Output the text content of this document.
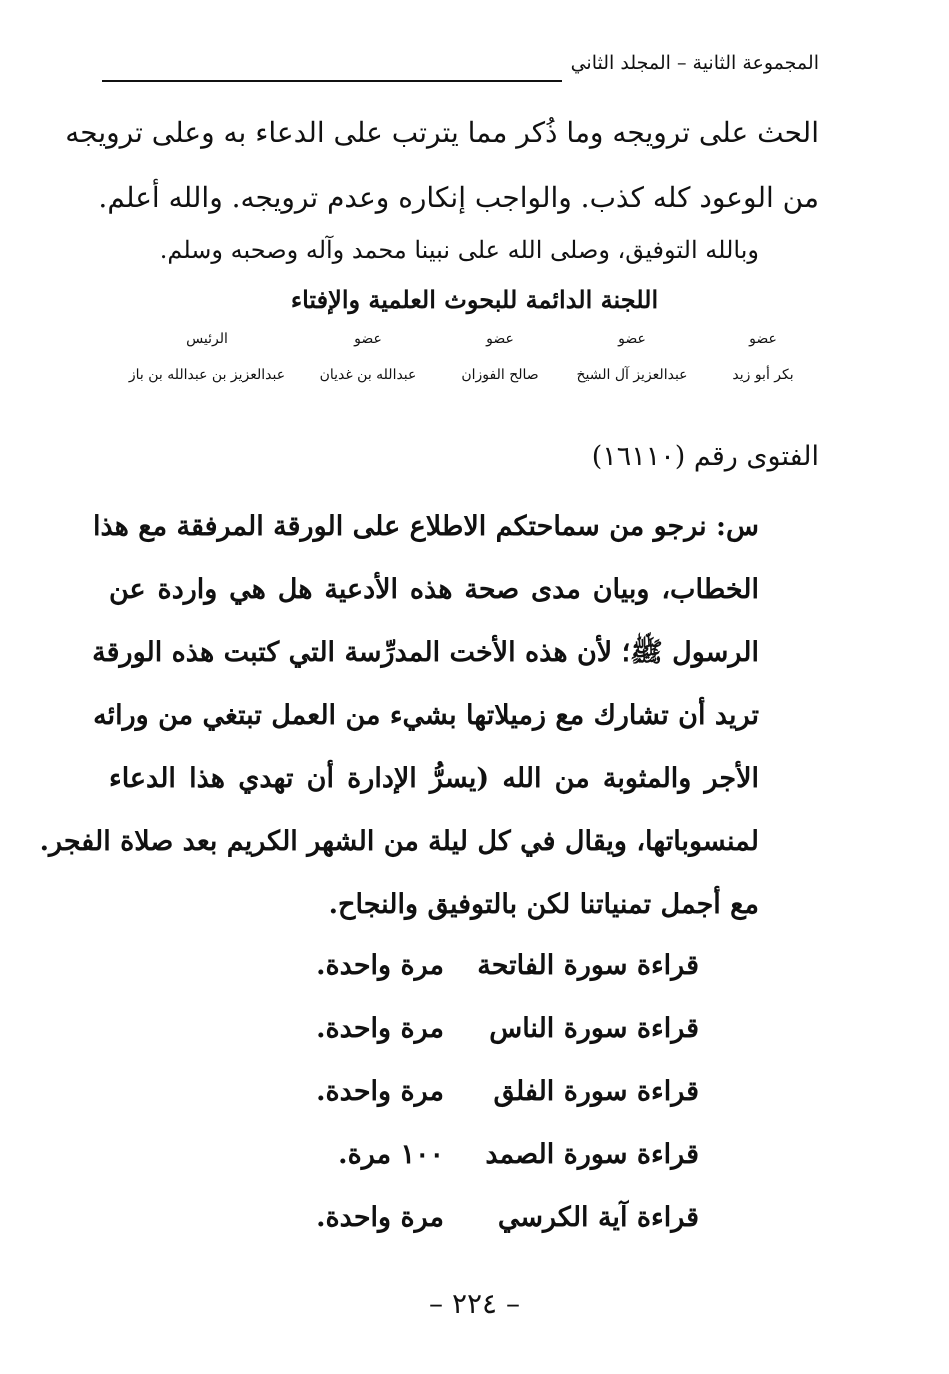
المجموعة الثانية – المجلد الثاني
الحث على ترويجه وما ذُكر مما يترتب على الدعاء به وعلى ترويجه
من الوعود كله كذب. والواجب إنكاره وعدم ترويجه. والله أعلم.
وبالله التوفيق، وصلى الله على نبينا محمد وآله وصحبه وسلم.
اللجنة الدائمة للبحوث العلمية والإفتاء
عضو
بكر أبو زيد
عضو
عبدالعزيز آل الشيخ
عضو
صالح الفوزان
عضو
عبدالله بن غديان
الرئيس
عبدالعزيز بن عبدالله بن باز
الفتوى رقم (١٦١١٠)
س: نرجو من سماحتكم الاطلاع على الورقة المرفقة مع هذا
الخطاب، وبيان مدى صحة هذه الأدعية هل هي واردة عن
الرسول ﷺ؛ لأن هذه الأخت المدرِّسة التي كتبت هذه الورقة
تريد أن تشارك مع زميلاتها بشيء من العمل تبتغي من ورائه
الأجر والمثوبة من الله (يسرُّ الإدارة أن تهدي هذا الدعاء
لمنسوباتها، ويقال في كل ليلة من الشهر الكريم بعد صلاة الفجر.
مع أجمل تمنياتنا لكن بالتوفيق والنجاح.
قراءة سورة الفاتحة
مرة واحدة.
قراءة سورة الناس
مرة واحدة.
قراءة سورة الفلق
مرة واحدة.
قراءة سورة الصمد
١٠٠ مرة.
قراءة آية الكرسي
مرة واحدة.
– ٢٢٤ –
